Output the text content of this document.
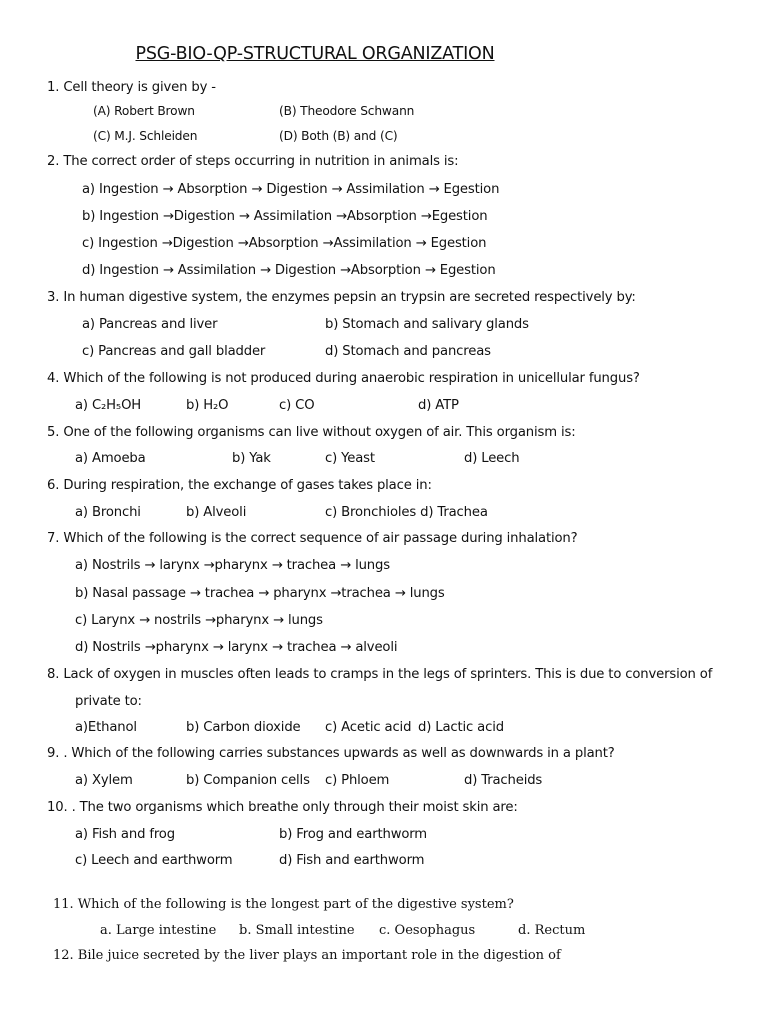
PSG-BIO-QP-STRUCTURAL ORGANIZATION
1. Cell theory is given by -
(A) Robert Brown	(B) Theodore Schwann
(C) M.J. Schleiden	(D) Both (B) and (C)
2. The correct order of steps occurring in nutrition in animals is:
a) Ingestion → Absorption → Digestion → Assimilation → Egestion
b) Ingestion →Digestion → Assimilation →Absorption →Egestion
c) Ingestion →Digestion →Absorption →Assimilation → Egestion
d) Ingestion → Assimilation → Digestion →Absorption → Egestion
3. In human digestive system, the enzymes pepsin an trypsin are secreted respectively by:
a) Pancreas and liver	b) Stomach and salivary glands
c) Pancreas and gall bladder	d) Stomach and pancreas
4. Which of the following is not produced during anaerobic respiration in unicellular fungus?
a) C₂H₅OH	b) H₂O	c) CO	d) ATP
5. One of the following organisms can live without oxygen of air. This organism is:
a) Amoeba	b) Yak	c) Yeast	d) Leech
6. During respiration, the exchange of gases takes place in:
a) Bronchi	b) Alveoli	c) Bronchioles d) Trachea
7. Which of the following is the correct sequence of air passage during inhalation?
a) Nostrils → larynx →pharynx → trachea → lungs
b) Nasal passage → trachea → pharynx →trachea → lungs
c) Larynx → nostrils →pharynx → lungs
d) Nostrils →pharynx → larynx → trachea → alveoli
8. Lack of oxygen in muscles often leads to cramps in the legs of sprinters. This is due to conversion of
private to:
a)Ethanol	b) Carbon dioxide c) Acetic acid d) Lactic acid
9. . Which of the following carries substances upwards as well as downwards in a plant?
a) Xylem	b) Companion cells c) Phloem	d) Tracheids
10. . The two organisms which breathe only through their moist skin are:
a) Fish and frog	b) Frog and earthworm
c) Leech and earthworm	d) Fish and earthworm
11. Which of the following is the longest part of the digestive system?
a. Large intestine b. Small intestine c. Oesophagus	d. Rectum
12. Bile juice secreted by the liver plays an important role in the digestion of
